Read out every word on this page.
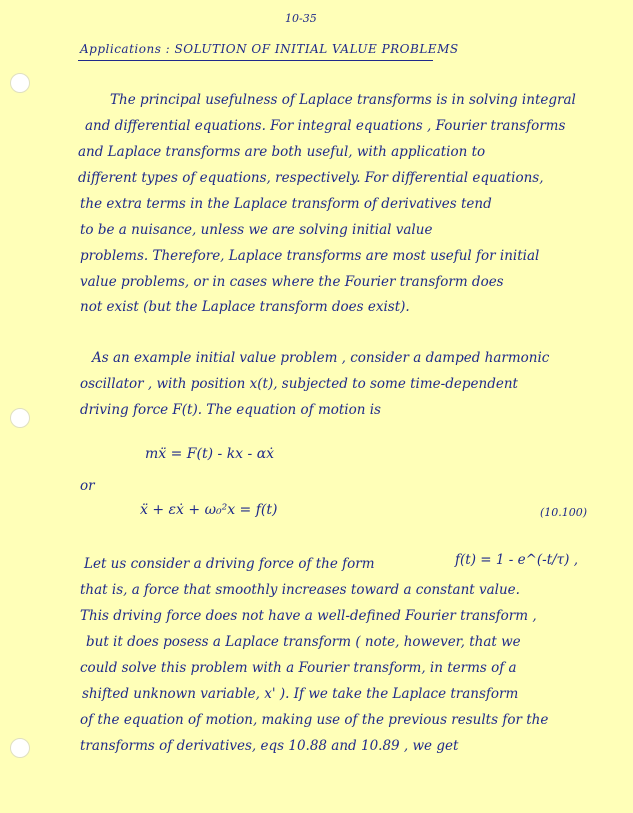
10-35
Applications : SOLUTION OF INITIAL VALUE PROBLEMS
The principal usefulness of Laplace transforms is in solving integral
and differential equations. For integral equations , Fourier transforms
and Laplace transforms are both useful, with application to
different types of equations, respectively. For differential equations,
the extra terms in the Laplace transform of derivatives tend
to be a nuisance, unless we are solving initial value
problems. Therefore, Laplace transforms are most useful for initial
value problems, or in cases where the Fourier transform does
not exist (but the Laplace transform does exist).
As an example initial value problem , consider a damped harmonic
oscillator , with position x(t), subjected to some time-dependent
driving force F(t). The equation of motion is
mẍ = F(t) - kx - αẋ
or
ẍ + εẋ + ω₀²x = f(t)	(10.100)
Let us consider a driving force of the form	f(t) = 1 - e^(-t/τ) ,
that is, a force that smoothly increases toward a constant value.
This driving force does not have a well-defined Fourier transform ,
but it does posess a Laplace transform ( note, however, that we
could solve this problem with a Fourier transform, in terms of a
shifted unknown variable, x' ). If we take the Laplace transform
of the equation of motion, making use of the previous results for the
transforms of derivatives, eqs 10.88 and 10.89 , we get
